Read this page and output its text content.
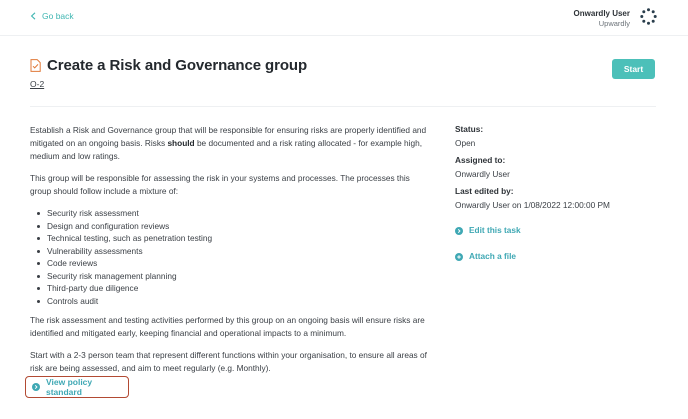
Go back	Onwardly User
Upwardly
Create a Risk and Governance group
O-2
Start

Establish a Risk and Governance group that will be responsible for ensuring risks are properly identified and mitigated on an ongoing basis. Risks should be documented and a risk rating allocated - for example high, medium and low ratings.

This group will be responsible for assessing the risk in your systems and processes. The processes this group should follow include a mixture of:

Security risk assessment
Design and configuration reviews
Technical testing, such as penetration testing
Vulnerability assessments
Code reviews
Security risk management planning
Third-party due diligence
Controls audit

The risk assessment and testing activities performed by this group on an ongoing basis will ensure risks are identified and mitigated early, keeping financial and operational impacts to a minimum.

Start with a 2-3 person team that represent different functions within your organisation, to ensure all areas of risk are being assessed, and aim to meet regularly (e.g. Monthly).

View policy standard
Status:
Open
Assigned to:
Onwardly User
Last edited by:
Onwardly User on 1/08/2022 12:00:00 PM
Edit this task
Attach a file
